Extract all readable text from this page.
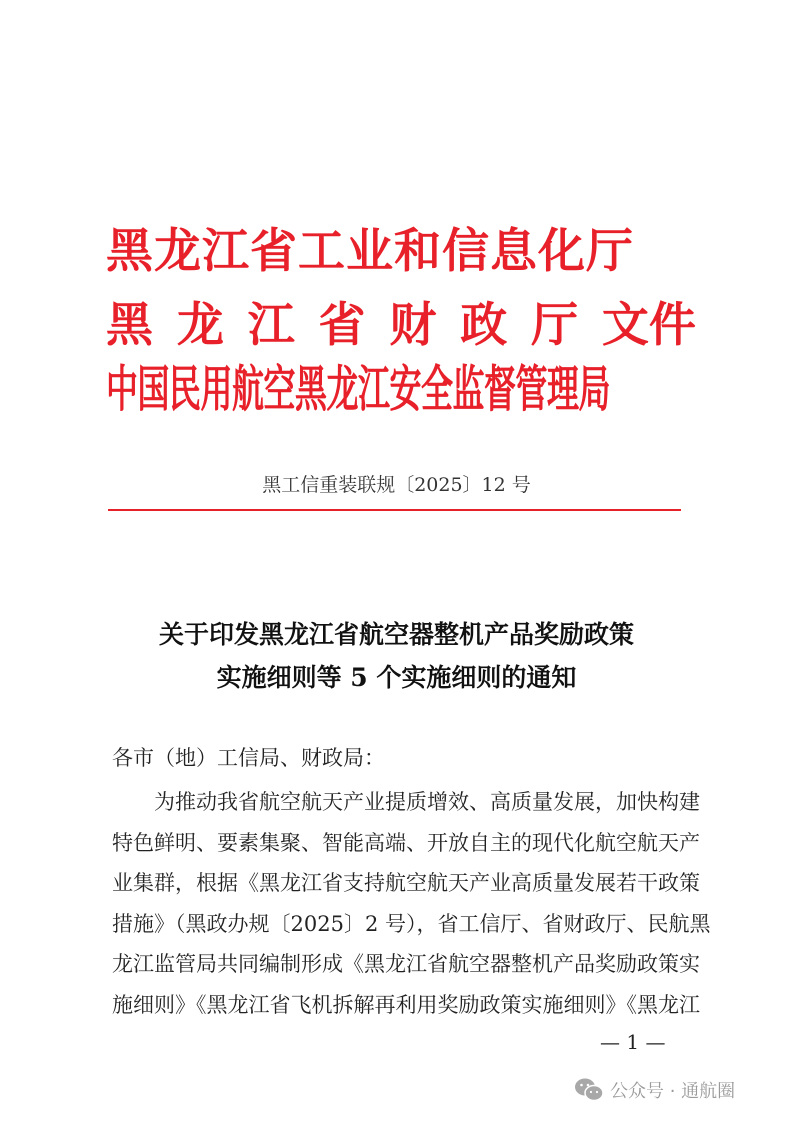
黑龙江省工业和信息化厅
黑 龙 江 省 财 政 厅 文件
中国民用航空黑龙江安全监督管理局
黑工信重装联规〔2025〕12 号
关于印发黑龙江省航空器整机产品奖励政策
实施细则等 5 个实施细则的通知
各市（地）工信局、财政局：
　　为推动我省航空航天产业提质增效、高质量发展，加快构建
特色鲜明、要素集聚、智能高端、开放自主的现代化航空航天产
业集群，根据《黑龙江省支持航空航天产业高质量发展若干政策
措施》（黑政办规〔2025〕2 号），省工信厅、省财政厅、民航黑
龙江监管局共同编制形成《黑龙江省航空器整机产品奖励政策实
施细则》《黑龙江省飞机拆解再利用奖励政策实施细则》《黑龙江
— 1 —
公众号 · 通航圈
